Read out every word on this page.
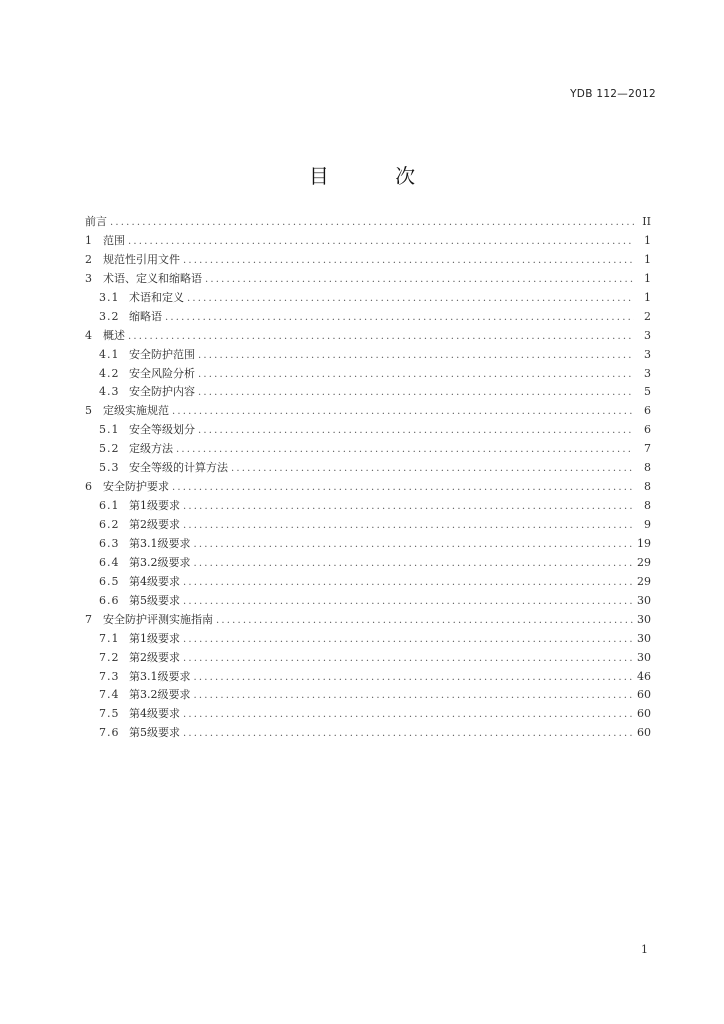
YDB 112—2012
目 次
前言 .....	II
1 范围 .....	1
2 规范性引用文件 .....	1
3 术语、定义和缩略语 .....	1
3.1 术语和定义 .....	1
3.2 缩略语 .....	2
4 概述 .....	3
4.1 安全防护范围 .....	3
4.2 安全风险分析 .....	3
4.3 安全防护内容 .....	5
5 定级实施规范 .....	6
5.1 安全等级划分 .....	6
5.2 定级方法 .....	7
5.3 安全等级的计算方法 .....	8
6 安全防护要求 .....	8
6.1 第1级要求 .....	8
6.2 第2级要求 .....	9
6.3 第3.1级要求 .....	19
6.4 第3.2级要求 .....	29
6.5 第4级要求 .....	29
6.6 第5级要求 .....	30
7 安全防护评测实施指南 .....	30
7.1 第1级要求 .....	30
7.2 第2级要求 .....	30
7.3 第3.1级要求 .....	46
7.4 第3.2级要求 .....	60
7.5 第4级要求 .....	60
7.6 第5级要求 .....	60
1
